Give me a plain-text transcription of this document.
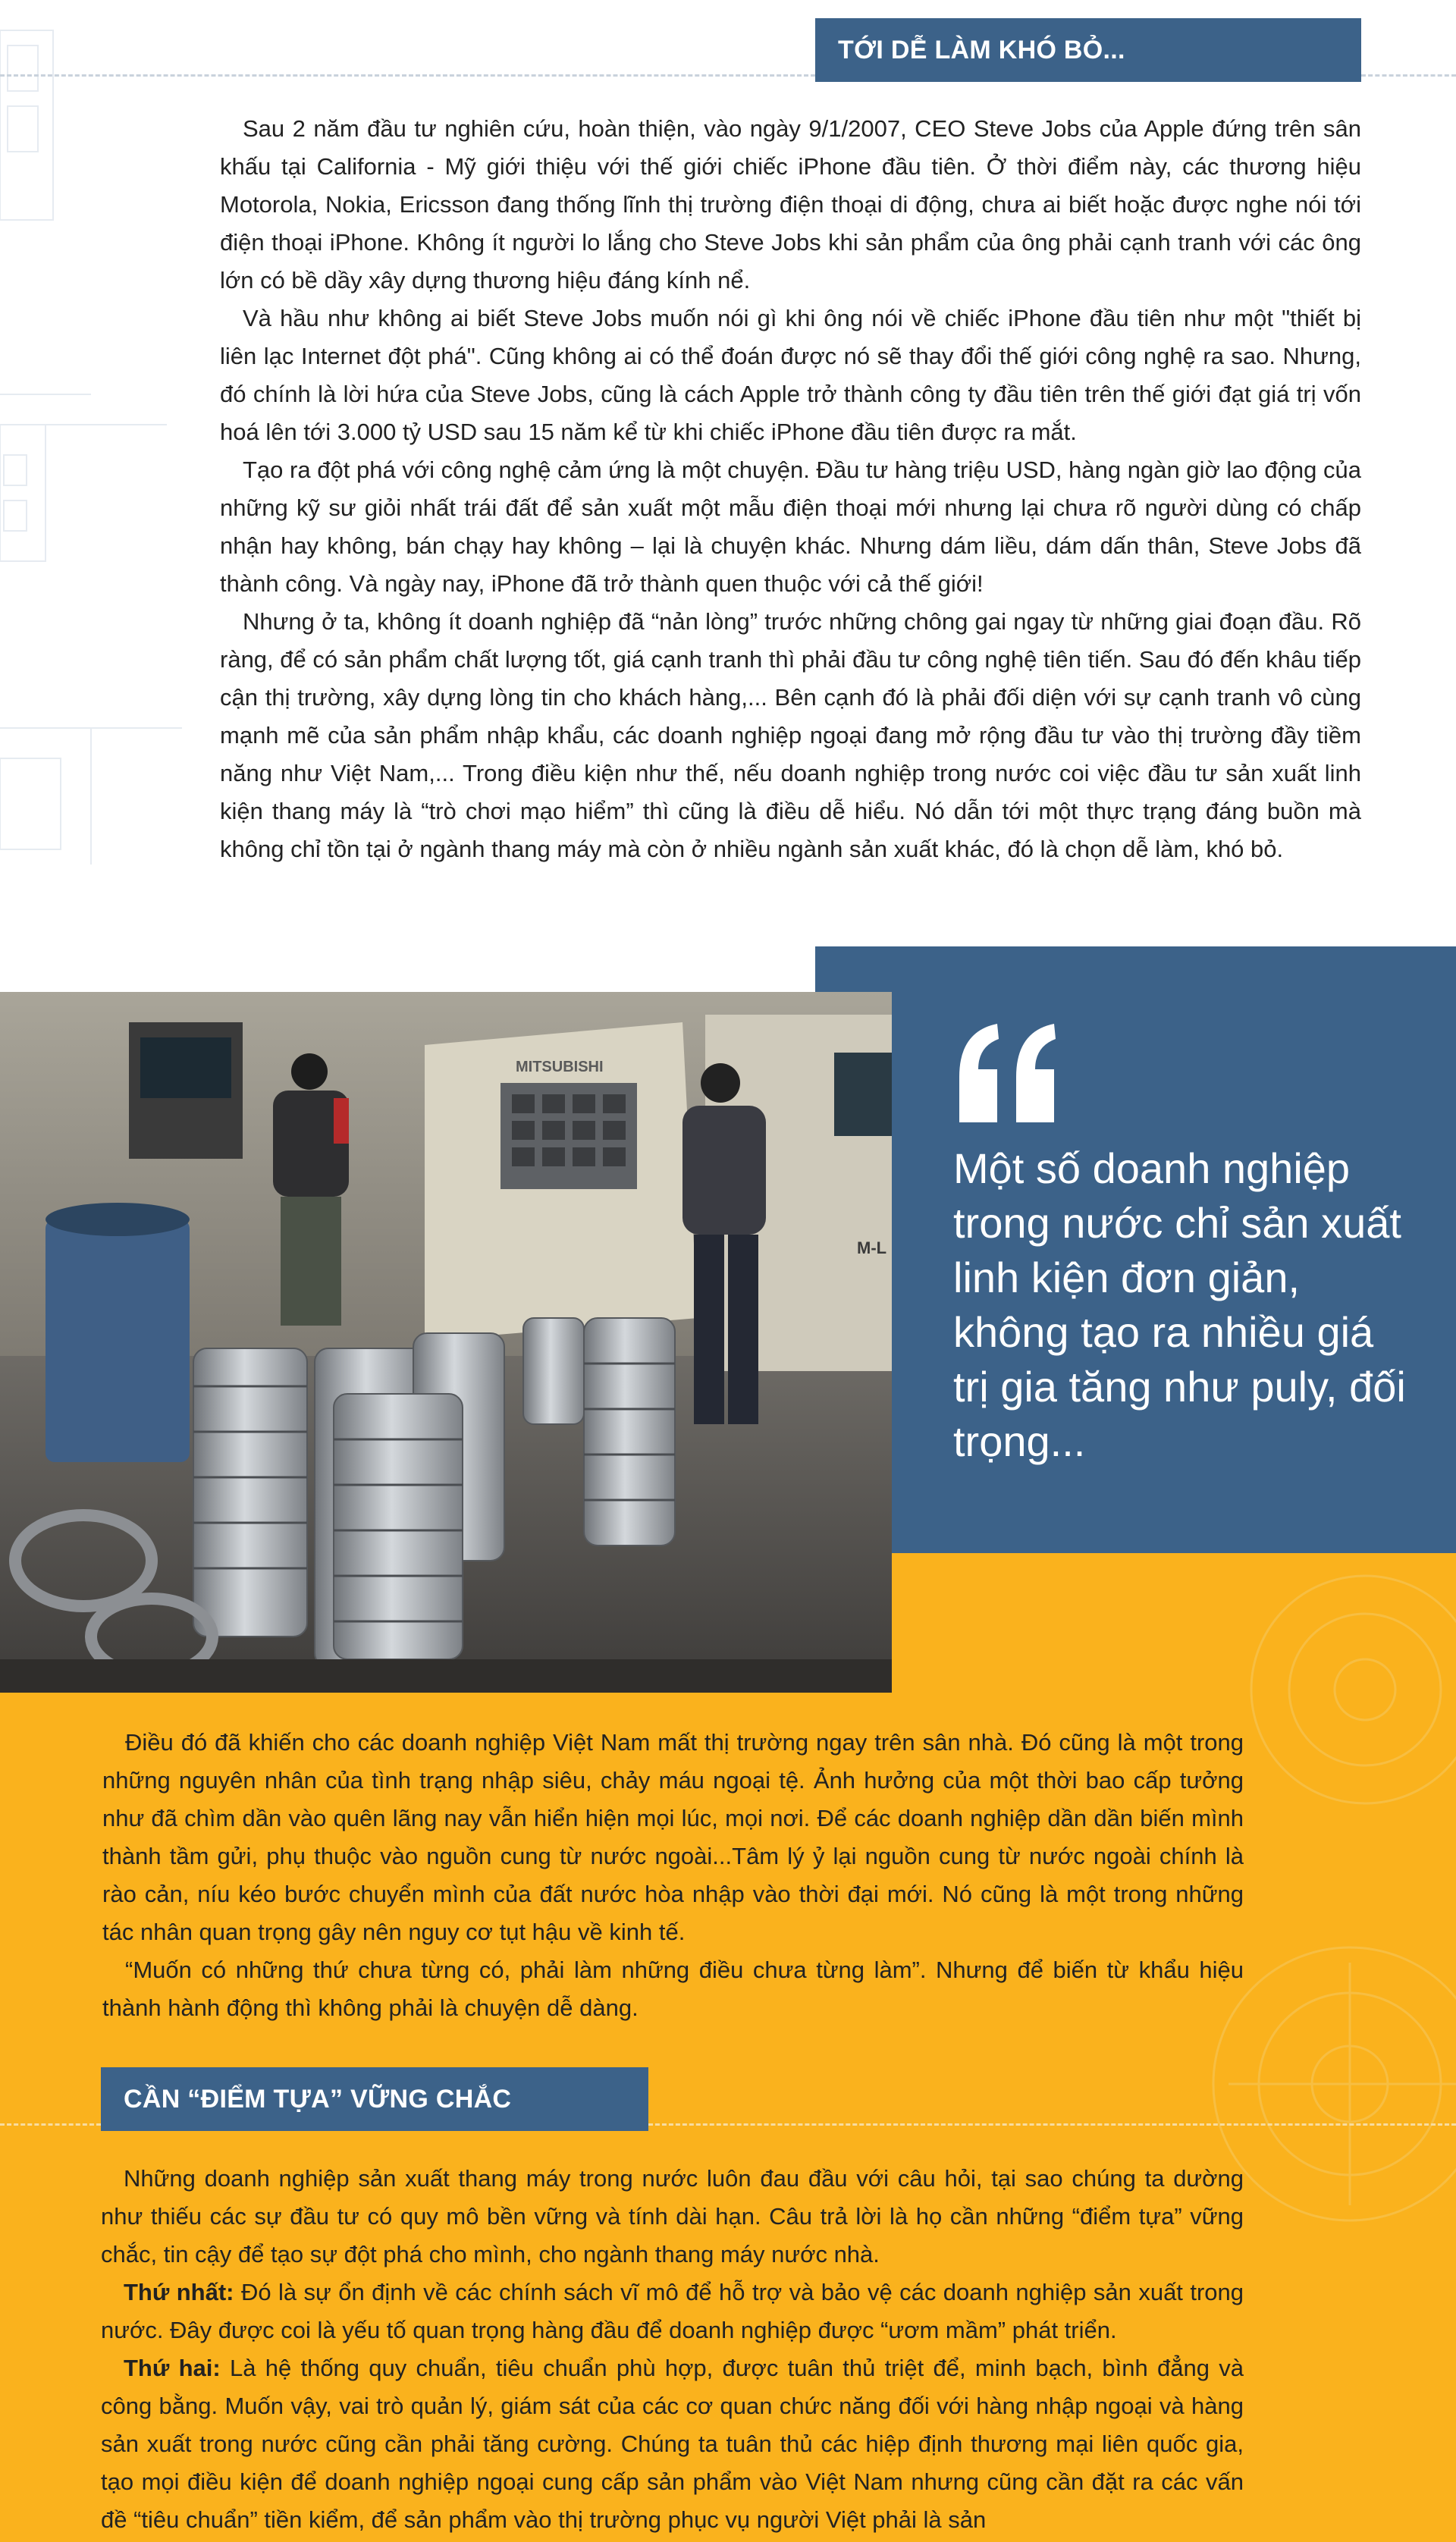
TỚI DỄ LÀM KHÓ BỎ...

Sau 2 năm đầu tư nghiên cứu, hoàn thiện, vào ngày 9/1/2007, CEO Steve Jobs của Apple đứng trên sân khấu tại California - Mỹ giới thiệu với thế giới chiếc iPhone đầu tiên. Ở thời điểm này, các thương hiệu Motorola, Nokia, Ericsson đang thống lĩnh thị trường điện thoại di động, chưa ai biết hoặc được nghe nói tới điện thoại iPhone. Không ít người lo lắng cho Steve Jobs khi sản phẩm của ông phải cạnh tranh với các ông lớn có bề dầy xây dựng thương hiệu đáng kính nể.

Và hầu như không ai biết Steve Jobs muốn nói gì khi ông nói về chiếc iPhone đầu tiên như một "thiết bị liên lạc Internet đột phá". Cũng không ai có thể đoán được nó sẽ thay đổi thế giới công nghệ ra sao. Nhưng, đó chính là lời hứa của Steve Jobs, cũng là cách Apple trở thành công ty đầu tiên trên thế giới đạt giá trị vốn hoá lên tới 3.000 tỷ USD sau 15 năm kể từ khi chiếc iPhone đầu tiên được ra mắt.

Tạo ra đột phá với công nghệ cảm ứng là một chuyện. Đầu tư hàng triệu USD, hàng ngàn giờ lao động của những kỹ sư giỏi nhất trái đất để sản xuất một mẫu điện thoại mới nhưng lại chưa rõ người dùng có chấp nhận hay không, bán chạy hay không – lại là chuyện khác. Nhưng dám liều, dám dấn thân, Steve Jobs đã thành công. Và ngày nay, iPhone đã trở thành quen thuộc với cả thế giới!

Nhưng ở ta, không ít doanh nghiệp đã “nản lòng” trước những chông gai ngay từ những giai đoạn đầu. Rõ ràng, để có sản phẩm chất lượng tốt, giá cạnh tranh thì phải đầu tư công nghệ tiên tiến. Sau đó đến khâu tiếp cận thị trường, xây dựng lòng tin cho khách hàng,... Bên cạnh đó là phải đối diện với sự cạnh tranh vô cùng mạnh mẽ của sản phẩm nhập khẩu, các doanh nghiệp ngoại đang mở rộng đầu tư vào thị trường đầy tiềm năng như Việt Nam,... Trong điều kiện như thế, nếu doanh nghiệp trong nước coi việc đầu tư sản xuất linh kiện thang máy là “trò chơi mạo hiểm” thì cũng là điều dễ hiểu. Nó dẫn tới một thực trạng đáng buồn mà không chỉ tồn tại ở ngành thang máy mà còn ở nhiều ngành sản xuất khác, đó là chọn dễ làm, khó bỏ.

MITSUBISHI
M-L
Một số doanh nghiệp trong nước chỉ sản xuất linh kiện đơn giản, không tạo ra nhiều giá trị gia tăng như puly, đối trọng...

Điều đó đã khiến cho các doanh nghiệp Việt Nam mất thị trường ngay trên sân nhà. Đó cũng là một trong những nguyên nhân của tình trạng nhập siêu, chảy máu ngoại tệ. Ảnh hưởng của một thời bao cấp tưởng như đã chìm dần vào quên lãng nay vẫn hiển hiện mọi lúc, mọi nơi. Để các doanh nghiệp dần dần biến mình thành tầm gửi, phụ thuộc vào nguồn cung từ nước ngoài...Tâm lý ỷ lại nguồn cung từ nước ngoài chính là rào cản, níu kéo bước chuyển mình của đất nước hòa nhập vào thời đại mới. Nó cũng là một trong những tác nhân quan trọng gây nên nguy cơ tụt hậu về kinh tế.

“Muốn có những thứ chưa từng có, phải làm những điều chưa từng làm”. Nhưng để biến từ khẩu hiệu thành hành động thì không phải là chuyện dễ dàng.

CẦN “ĐIỂM TỰA” VỮNG CHẮC

Những doanh nghiệp sản xuất thang máy trong nước luôn đau đầu với câu hỏi, tại sao chúng ta dường như thiếu các sự đầu tư có quy mô bền vững và tính dài hạn. Câu trả lời là họ cần những “điểm tựa” vững chắc, tin cậy để tạo sự đột phá cho mình, cho ngành thang máy nước nhà.

Thứ nhất: Đó là sự ổn định về các chính sách vĩ mô để hỗ trợ và bảo vệ các doanh nghiệp sản xuất trong nước. Đây được coi là yếu tố quan trọng hàng đầu để doanh nghiệp được “ươm mầm” phát triển.

Thứ hai: Là hệ thống quy chuẩn, tiêu chuẩn phù hợp, được tuân thủ triệt để, minh bạch, bình đẳng và công bằng. Muốn vậy, vai trò quản lý, giám sát của các cơ quan chức năng đối với hàng nhập ngoại và hàng sản xuất trong nước cũng cần phải tăng cường. Chúng ta tuân thủ các hiệp định thương mại liên quốc gia, tạo mọi điều kiện để doanh nghiệp ngoại cung cấp sản phẩm vào Việt Nam nhưng cũng cần đặt ra các vấn đề “tiêu chuẩn” tiền kiểm, để sản phẩm vào thị trường phục vụ người Việt phải là sản
